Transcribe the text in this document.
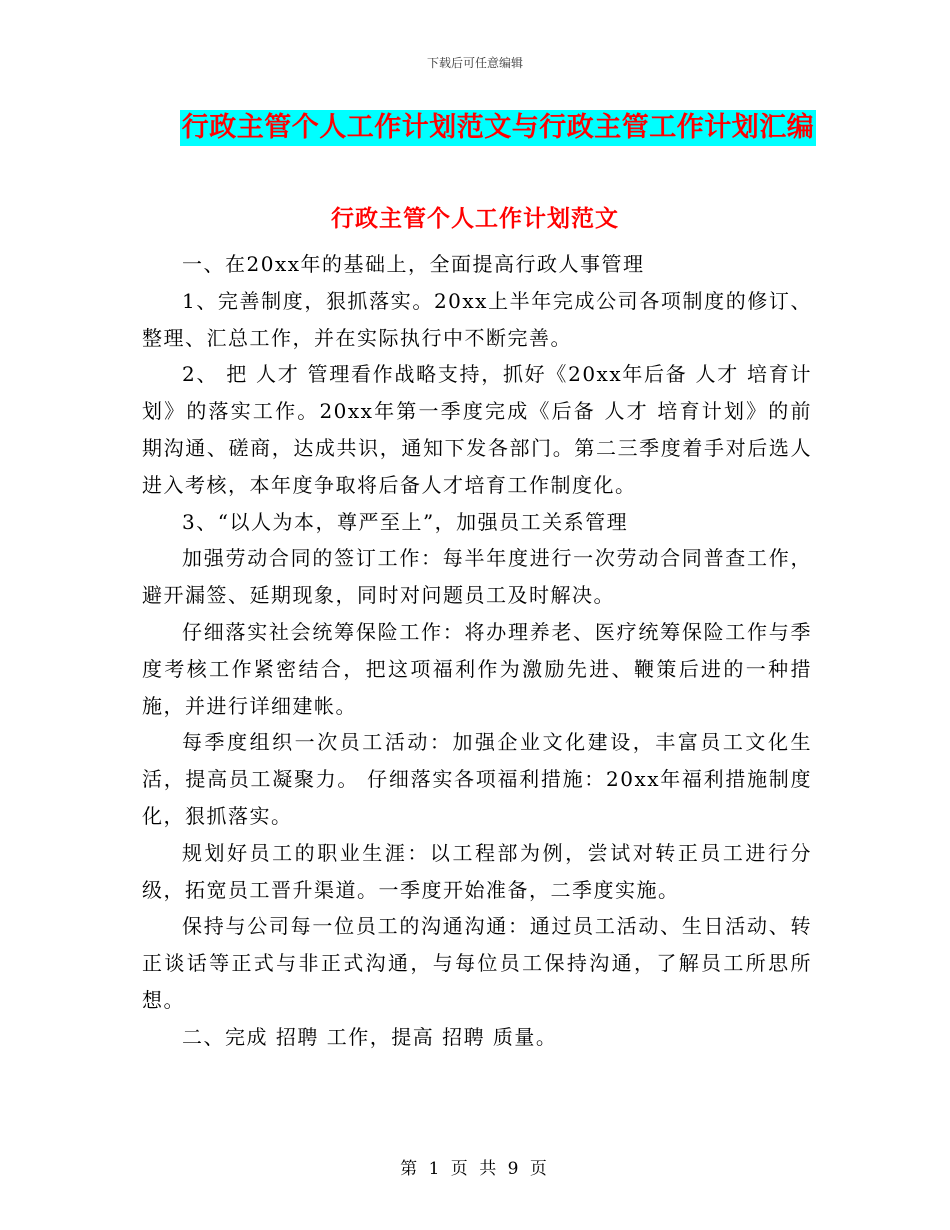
下载后可任意编辑
行政主管个人工作计划范文与行政主管工作计划汇编
行政主管个人工作计划范文

一、在20xx年的基础上，全面提高行政人事管理

1、完善制度，狠抓落实。20xx上半年完成公司各项制度的修订、整理、汇总工作，并在实际执行中不断完善。

2、 把 人才 管理看作战略支持，抓好《20xx年后备 人才 培育计划》的落实工作。20xx年第一季度完成《后备 人才 培育计划》的前期沟通、磋商，达成共识，通知下发各部门。第二三季度着手对后选人进入考核，本年度争取将后备人才培育工作制度化。

3、“以人为本，尊严至上”，加强员工关系管理

加强劳动合同的签订工作：每半年度进行一次劳动合同普查工作，避开漏签、延期现象，同时对问题员工及时解决。

仔细落实社会统筹保险工作：将办理养老、医疗统筹保险工作与季度考核工作紧密结合，把这项福利作为激励先进、鞭策后进的一种措施，并进行详细建帐。

每季度组织一次员工活动：加强企业文化建设，丰富员工文化生活，提高员工凝聚力。 仔细落实各项福利措施：20xx年福利措施制度化，狠抓落实。

规划好员工的职业生涯：以工程部为例，尝试对转正员工进行分级，拓宽员工晋升渠道。一季度开始准备，二季度实施。

保持与公司每一位员工的沟通沟通：通过员工活动、生日活动、转正谈话等正式与非正式沟通，与每位员工保持沟通，了解员工所思所想。

二、完成 招聘 工作，提高 招聘 质量。

第 1 页 共 9 页
